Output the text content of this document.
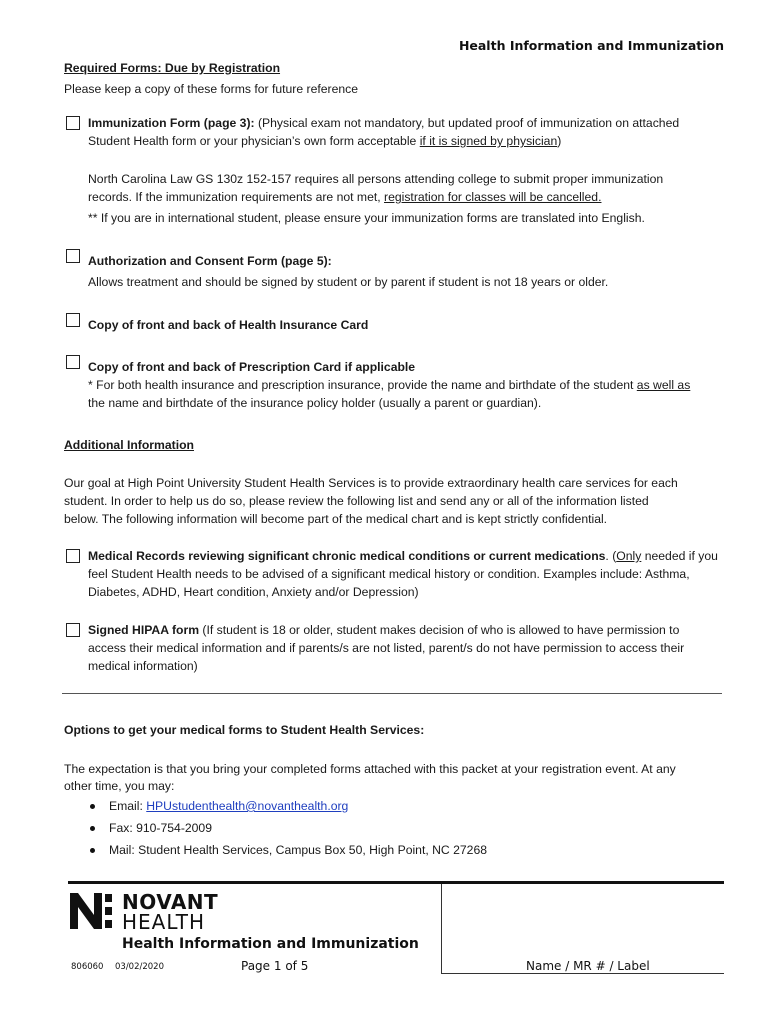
Health Information and Immunization
Required Forms: Due by Registration
Please keep a copy of these forms for future reference
Immunization Form (page 3): (Physical exam not mandatory, but updated proof of immunization on attached
Student Health form or your physician’s own form acceptable if it is signed by physician)
North Carolina Law GS 130z 152-157 requires all persons attending college to submit proper immunization
records. If the immunization requirements are not met, registration for classes will be cancelled.
** If you are in international student, please ensure your immunization forms are translated into English.
Authorization and Consent Form (page 5):
Allows treatment and should be signed by student or by parent if student is not 18 years or older.
Copy of front and back of Health Insurance Card
Copy of front and back of Prescription Card if applicable
* For both health insurance and prescription insurance, provide the name and birthdate of the student as well as
the name and birthdate of the insurance policy holder (usually a parent or guardian).
Additional Information
Our goal at High Point University Student Health Services is to provide extraordinary health care services for each
student. In order to help us do so, please review the following list and send any or all of the information listed
below. The following information will become part of the medical chart and is kept strictly confidential.
Medical Records reviewing significant chronic medical conditions or current medications. (Only needed if you
feel Student Health needs to be advised of a significant medical history or condition. Examples include: Asthma,
Diabetes, ADHD, Heart condition, Anxiety and/or Depression)
Signed HIPAA form (If student is 18 or older, student makes decision of who is allowed to have permission to
access their medical information and if parents/s are not listed, parent/s do not have permission to access their
medical information)
Options to get your medical forms to Student Health Services:
The expectation is that you bring your completed forms attached with this packet at your registration event. At any
other time, you may:
Email: HPUstudenthealth@novanthealth.org
Fax: 910-754-2009
Mail: Student Health Services, Campus Box 50, High Point, NC 27268
NOVANT
HEALTH
Health Information and Immunization
806060 03/02/2020	Page 1 of 5	Name / MR # / Label
